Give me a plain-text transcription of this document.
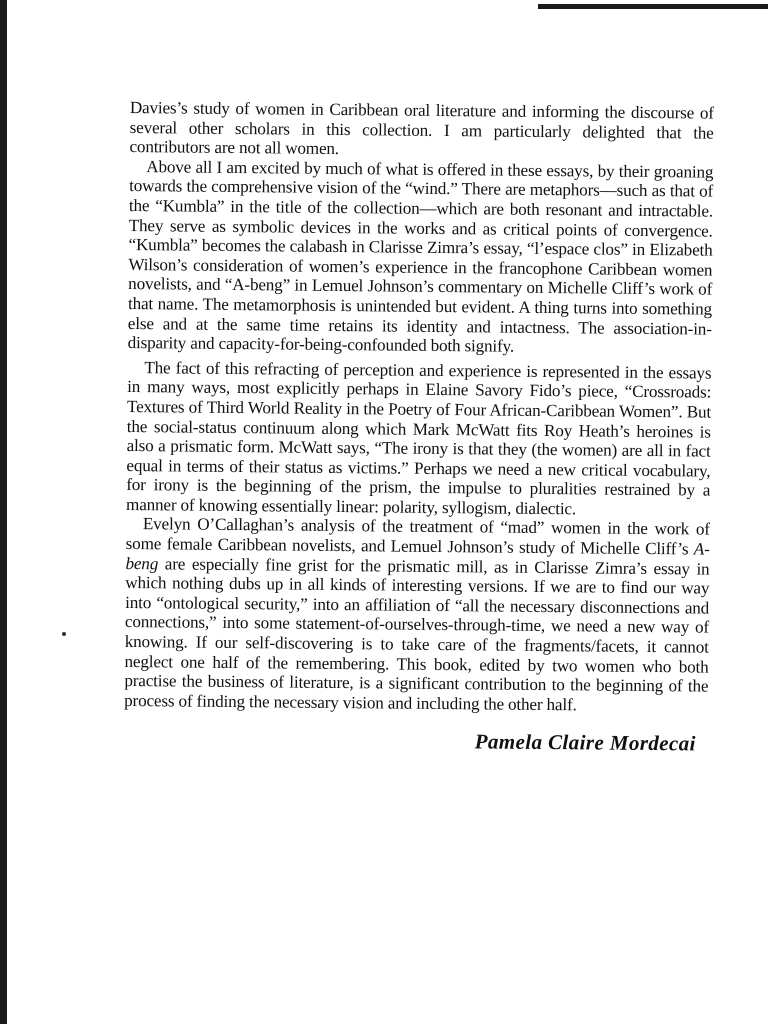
Davies’s study of women in Caribbean oral literature and informing the discourse of several other scholars in this collection. I am particularly delighted that the contributors are not all women.

Above all I am excited by much of what is offered in these essays, by their groaning towards the comprehensive vision of the “wind.” There are metaphors—such as that of the “Kumbla” in the title of the collection—which are both resonant and intractable. They serve as symbolic devices in the works and as critical points of convergence. “Kumbla” becomes the calabash in Clarisse Zimra’s essay, “l’espace clos” in Elizabeth Wilson’s consideration of women’s experience in the francophone Caribbean women novelists, and “A-beng” in Lemuel Johnson’s commentary on Michelle Cliff’s work of that name. The metamorphosis is unintended but evident. A thing turns into something else and at the same time retains its identity and intactness. The association-in-disparity and capacity-for-being-confounded both signify.

The fact of this refracting of perception and experience is represented in the essays in many ways, most explicitly perhaps in Elaine Savory Fido’s piece, “Crossroads: Textures of Third World Reality in the Poetry of Four African-Caribbean Women”. But the social-status continuum along which Mark McWatt fits Roy Heath’s heroines is also a prismatic form. McWatt says, “The irony is that they (the women) are all in fact equal in terms of their status as victims.” Perhaps we need a new critical vocabulary, for irony is the beginning of the prism, the impulse to pluralities restrained by a manner of knowing essentially linear: polarity, syllogism, dialectic.

Evelyn O’Callaghan’s analysis of the treatment of “mad” women in the work of some female Caribbean novelists, and Lemuel Johnson’s study of Michelle Cliff’s A-beng are especially fine grist for the prismatic mill, as in Clarisse Zimra’s essay in which nothing dubs up in all kinds of interesting versions. If we are to find our way into “ontological security,” into an affiliation of “all the necessary disconnections and connections,” into some statement-of-ourselves-through-time, we need a new way of knowing. If our self-discovering is to take care of the fragments/facets, it cannot neglect one half of the remembering. This book, edited by two women who both practise the business of literature, is a significant contribution to the beginning of the process of finding the necessary vision and including the other half.

Pamela Claire Mordecai
